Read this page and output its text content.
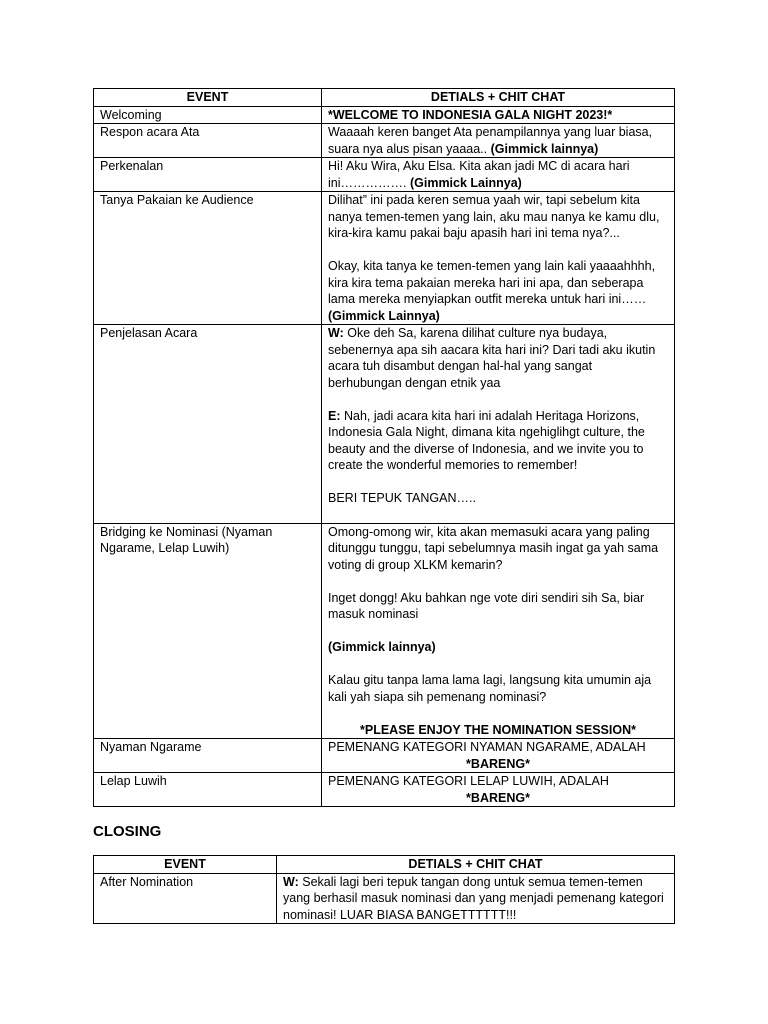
EVENT	DETIALS + CHIT CHAT
Welcoming	*WELCOME TO INDONESIA GALA NIGHT 2023!*
Respon acara Ata	Waaaah keren banget Ata penampilannya yang luar biasa, suara nya alus pisan yaaaa.. (Gimmick lainnya)
Perkenalan	Hi! Aku Wira, Aku Elsa. Kita akan jadi MC di acara hari ini……………. (Gimmick Lainnya)
Tanya Pakaian ke Audience	Dilihat” ini pada keren semua yaah wir, tapi sebelum kita nanya temen-temen yang lain, aku mau nanya ke kamu dlu, kira-kira kamu pakai baju apasih hari ini tema nya?...

Okay, kita tanya ke temen-temen yang lain kali yaaaahhhh, kira kira tema pakaian mereka hari ini apa, dan seberapa lama mereka menyiapkan outfit mereka untuk hari ini……

(Gimmick Lainnya)

Penjelasan Acara	W: Oke deh Sa, karena dilihat culture nya budaya, sebenernya apa sih aacara kita hari ini? Dari tadi aku ikutin acara tuh disambut dengan hal-hal yang sangat berhubungan dengan etnik yaa

E: Nah, jadi acara kita hari ini adalah Heritaga Horizons, Indonesia Gala Night, dimana kita ngehiglihgt culture, the beauty and the diverse of Indonesia, and we invite you to create the wonderful memories to remember!

BERI TEPUK TANGAN…..

Bridging ke Nominasi (Nyaman Ngarame, Lelap Luwih)	Omong-omong wir, kita akan memasuki acara yang paling ditunggu tunggu, tapi sebelumnya masih ingat ga yah sama voting di group XLKM kemarin?

Inget dongg! Aku bahkan nge vote diri sendiri sih Sa, biar masuk nominasi

(Gimmick lainnya)

Kalau gitu tanpa lama lama lagi, langsung kita umumin aja kali yah siapa sih pemenang nominasi?

*PLEASE ENJOY THE NOMINATION SESSION*

Nyaman Ngarame	PEMENANG KATEGORI NYAMAN NGARAME, ADALAH

*BARENG*

Lelap Luwih	PEMENANG KATEGORI LELAP LUWIH, ADALAH

*BARENG*

CLOSING
EVENT	DETIALS + CHIT CHAT
After Nomination	W: Sekali lagi beri tepuk tangan dong untuk semua temen-temen yang berhasil masuk nominasi dan yang menjadi pemenang kategori nominasi! LUAR BIASA BANGETTTTTT!!!
